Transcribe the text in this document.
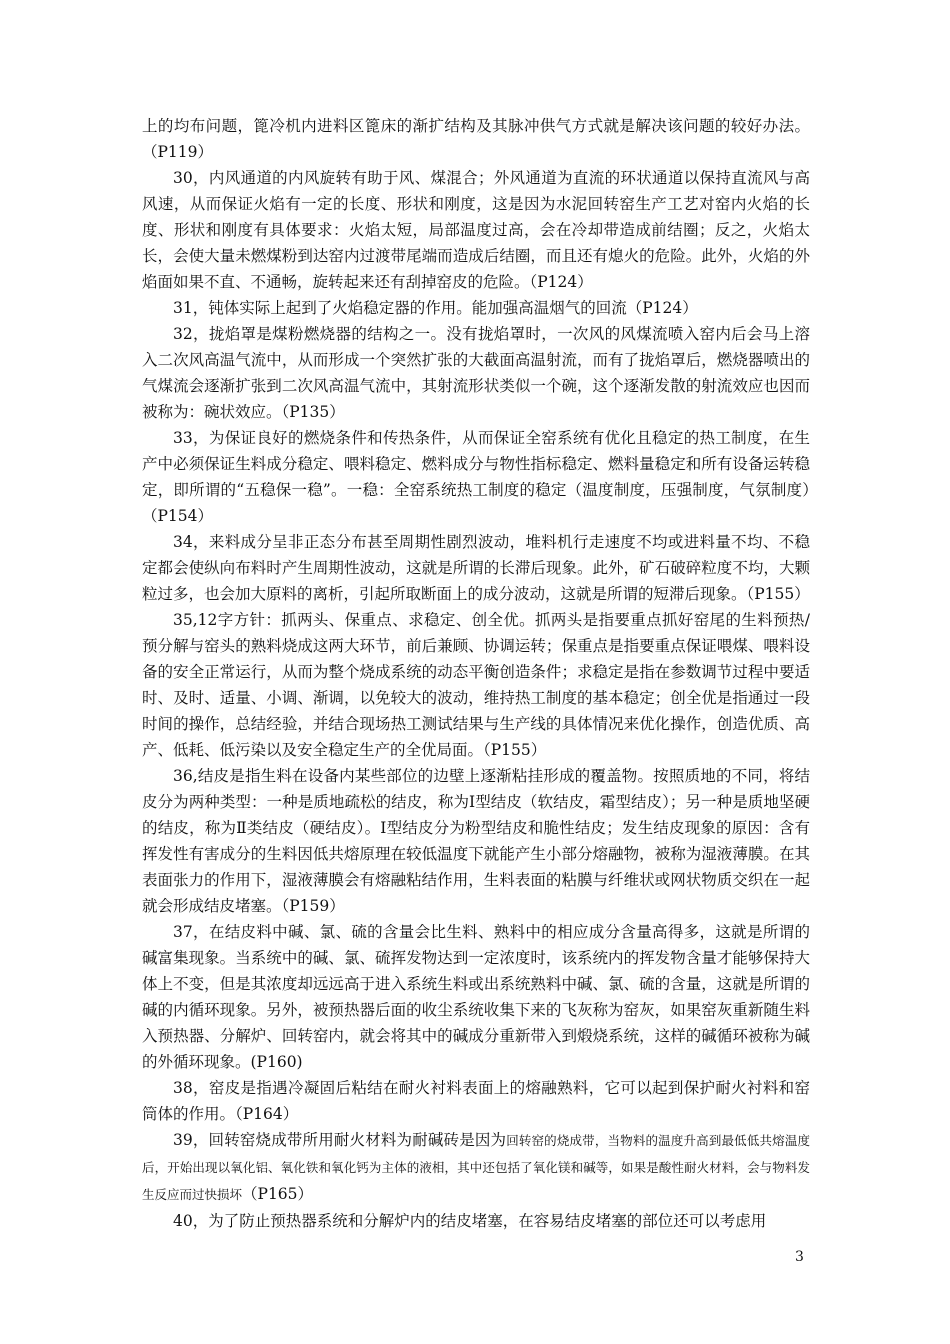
上的均布问题，篦冷机内进料区篦床的渐扩结构及其脉冲供气方式就是解决该问题的较好办法。（P119）

30，内风通道的内风旋转有助于风、煤混合；外风通道为直流的环状通道以保持直流风与高风速，从而保证火焰有一定的长度、形状和刚度，这是因为水泥回转窑生产工艺对窑内火焰的长度、形状和刚度有具体要求：火焰太短，局部温度过高，会在冷却带造成前结圈；反之，火焰太长，会使大量未燃煤粉到达窑内过渡带尾端而造成后结圈，而且还有熄火的危险。此外，火焰的外焰面如果不直、不通畅，旋转起来还有刮掉窑皮的危险。（P124）

31，钝体实际上起到了火焰稳定器的作用。能加强高温烟气的回流（P124）

32，拢焰罩是煤粉燃烧器的结构之一。没有拢焰罩时，一次风的风煤流喷入窑内后会马上溶入二次风高温气流中，从而形成一个突然扩张的大截面高温射流，而有了拢焰罩后，燃烧器喷出的气煤流会逐渐扩张到二次风高温气流中，其射流形状类似一个碗，这个逐渐发散的射流效应也因而被称为：碗状效应。（P135）

33，为保证良好的燃烧条件和传热条件，从而保证全窑系统有优化且稳定的热工制度，在生产中必须保证生料成分稳定、喂料稳定、燃料成分与物性指标稳定、燃料量稳定和所有设备运转稳定，即所谓的“五稳保一稳”。一稳：全窑系统热工制度的稳定（温度制度，压强制度，气氛制度）　（P154）

34，来料成分呈非正态分布甚至周期性剧烈波动，堆料机行走速度不均或进料量不均、不稳定都会使纵向布料时产生周期性波动，这就是所谓的长滞后现象。此外，矿石破碎粒度不均，大颗粒过多，也会加大原料的离析，引起所取断面上的成分波动，这就是所谓的短滞后现象。（P155）

35,12字方针：抓两头、保重点、求稳定、创全优。抓两头是指要重点抓好窑尾的生料预热/预分解与窑头的熟料烧成这两大环节，前后兼顾、协调运转；保重点是指要重点保证喂煤、喂料设备的安全正常运行，从而为整个烧成系统的动态平衡创造条件；求稳定是指在参数调节过程中要适时、及时、适量、小调、渐调，以免较大的波动，维持热工制度的基本稳定；创全优是指通过一段时间的操作，总结经验，并结合现场热工测试结果与生产线的具体情况来优化操作，创造优质、高产、低耗、低污染以及安全稳定生产的全优局面。（P155）

36,结皮是指生料在设备内某些部位的边壁上逐渐粘挂形成的覆盖物。按照质地的不同，将结皮分为两种类型：一种是质地疏松的结皮，称为Ⅰ型结皮（软结皮，霜型结皮）；另一种是质地坚硬的结皮，称为Ⅱ类结皮（硬结皮）。Ⅰ型结皮分为粉型结皮和脆性结皮；发生结皮现象的原因：含有挥发性有害成分的生料因低共熔原理在较低温度下就能产生小部分熔融物，被称为湿液薄膜。在其表面张力的作用下，湿液薄膜会有熔融粘结作用，生料表面的粘膜与纤维状或网状物质交织在一起就会形成结皮堵塞。（P159）

37，在结皮料中碱、氯、硫的含量会比生料、熟料中的相应成分含量高得多，这就是所谓的碱富集现象。当系统中的碱、氯、硫挥发物达到一定浓度时，该系统内的挥发物含量才能够保持大体上不变，但是其浓度却远远高于进入系统生料或出系统熟料中碱、氯、硫的含量，这就是所谓的碱的内循环现象。另外，被预热器后面的收尘系统收集下来的飞灰称为窑灰，如果窑灰重新随生料入预热器、分解炉、回转窑内，就会将其中的碱成分重新带入到煅烧系统，这样的碱循环被称为碱的外循环现象。(P160)

38，窑皮是指遇冷凝固后粘结在耐火衬料表面上的熔融熟料，它可以起到保护耐火衬料和窑筒体的作用。（P164）

39，回转窑烧成带所用耐火材料为耐碱砖是因为回转窑的烧成带，当物料的温度升高到最低低共熔温度后，开始出现以氧化铝、氧化铁和氧化钙为主体的液相，其中还包括了氧化镁和碱等，如果是酸性耐火材料，会与物料发生反应而过快损坏（P165）

40，为了防止预热器系统和分解炉内的结皮堵塞，在容易结皮堵塞的部位还可以考虑用

3
